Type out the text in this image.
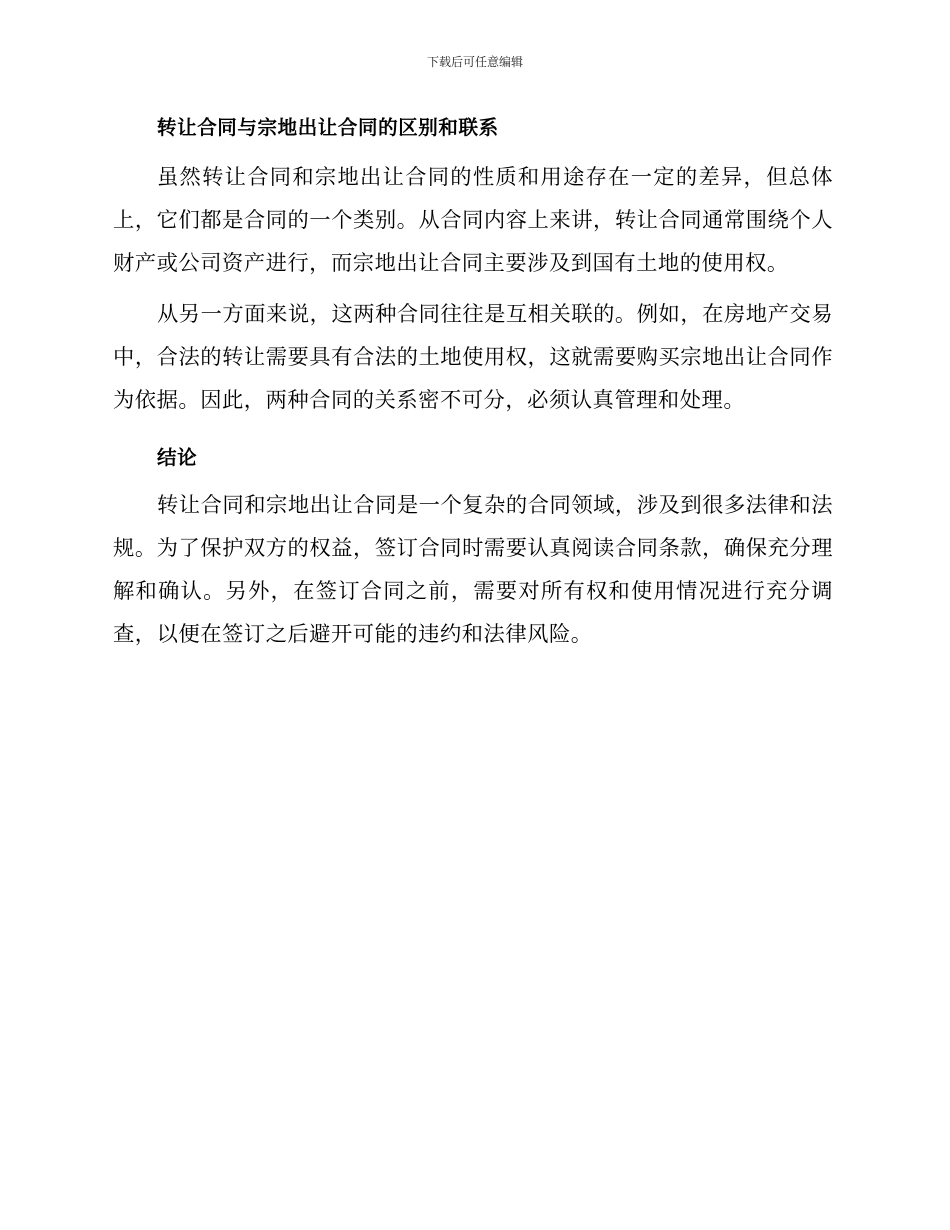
下载后可任意编辑
转让合同与宗地出让合同的区别和联系

虽然转让合同和宗地出让合同的性质和用途存在一定的差异，但总体上，它们都是合同的一个类别。从合同内容上来讲，转让合同通常围绕个人财产或公司资产进行，而宗地出让合同主要涉及到国有土地的使用权。

从另一方面来说，这两种合同往往是互相关联的。例如，在房地产交易中，合法的转让需要具有合法的土地使用权，这就需要购买宗地出让合同作为依据。因此，两种合同的关系密不可分，必须认真管理和处理。

结论

转让合同和宗地出让合同是一个复杂的合同领域，涉及到很多法律和法规。为了保护双方的权益，签订合同时需要认真阅读合同条款，确保充分理解和确认。另外，在签订合同之前，需要对所有权和使用情况进行充分调查，以便在签订之后避开可能的违约和法律风险。
